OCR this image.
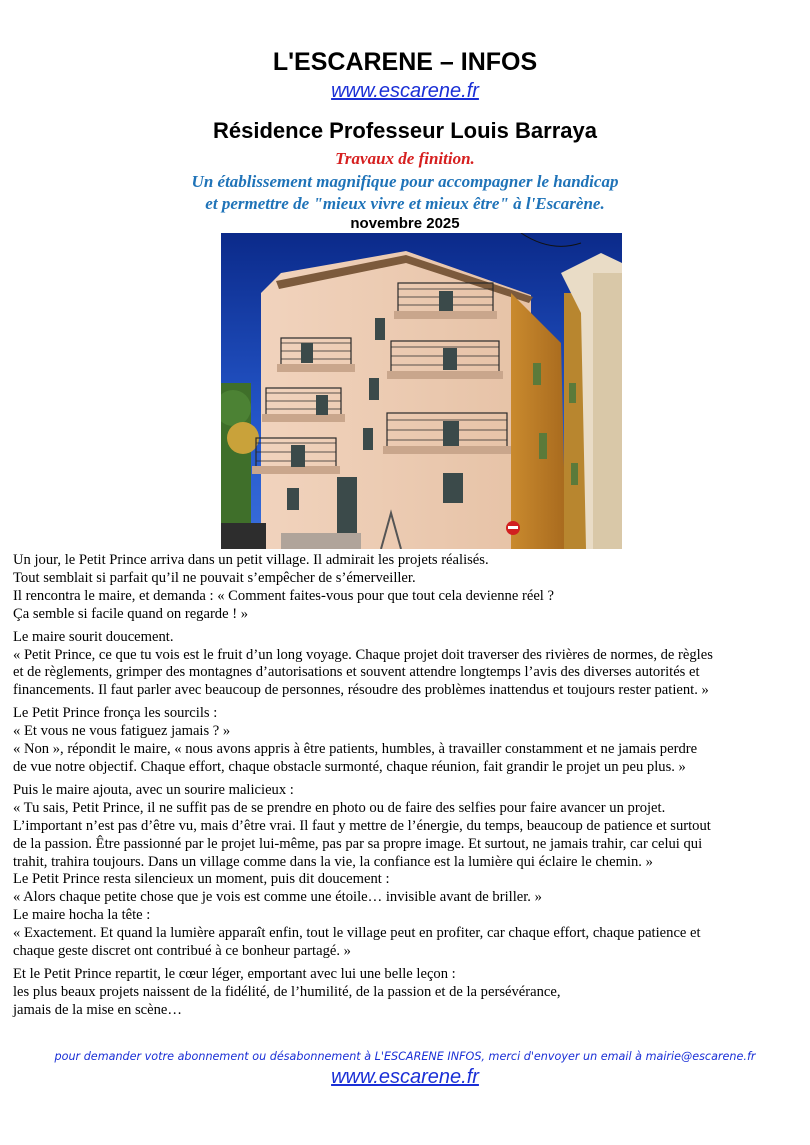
L'ESCARENE – INFOS
www.escarene.fr
Résidence Professeur Louis Barraya
Travaux de finition.
Un établissement magnifique pour accompagner le handicap
et permettre de "mieux vivre et mieux être" à l'Escarène.
novembre 2025

Un jour, le Petit Prince arriva dans un petit village. Il admirait les projets réalisés.
Tout semblait si parfait qu’il ne pouvait s’empêcher de s’émerveiller.
Il rencontra le maire, et demanda : « Comment faites-vous pour que tout cela devienne réel ?
Ça semble si facile quand on regarde ! »

Le maire sourit doucement.
« Petit Prince, ce que tu vois est le fruit d’un long voyage. Chaque projet doit traverser des rivières de normes, de règles
et de règlements, grimper des montagnes d’autorisations et souvent attendre longtemps l’avis des diverses autorités et
financements. Il faut parler avec beaucoup de personnes, résoudre des problèmes inattendus et toujours rester patient. »

Le Petit Prince fronça les sourcils :
« Et vous ne vous fatiguez jamais ? »
« Non », répondit le maire, « nous avons appris à être patients, humbles, à travailler constamment et ne jamais perdre
de vue notre objectif. Chaque effort, chaque obstacle surmonté, chaque réunion, fait grandir le projet un peu plus. »

Puis le maire ajouta, avec un sourire malicieux :
« Tu sais, Petit Prince, il ne suffit pas de se prendre en photo ou de faire des selfies pour faire avancer un projet.
L’important n’est pas d’être vu, mais d’être vrai. Il faut y mettre de l’énergie, du temps, beaucoup de patience et surtout
de la passion. Être passionné par le projet lui-même, pas par sa propre image. Et surtout, ne jamais trahir, car celui qui
trahit, trahira toujours. Dans un village comme dans la vie, la confiance est la lumière qui éclaire le chemin. »
Le Petit Prince resta silencieux un moment, puis dit doucement :
« Alors chaque petite chose que je vois est comme une étoile… invisible avant de briller. »
Le maire hocha la tête :
« Exactement. Et quand la lumière apparaît enfin, tout le village peut en profiter, car chaque effort, chaque patience et
chaque geste discret ont contribué à ce bonheur partagé. »

Et le Petit Prince repartit, le cœur léger, emportant avec lui une belle leçon :
les plus beaux projets naissent de la fidélité, de l’humilité, de la passion et de la persévérance,
jamais de la mise en scène…

pour demander votre abonnement ou désabonnement à L'ESCARENE INFOS, merci d'envoyer un email à mairie@escarene.fr
www.escarene.fr
